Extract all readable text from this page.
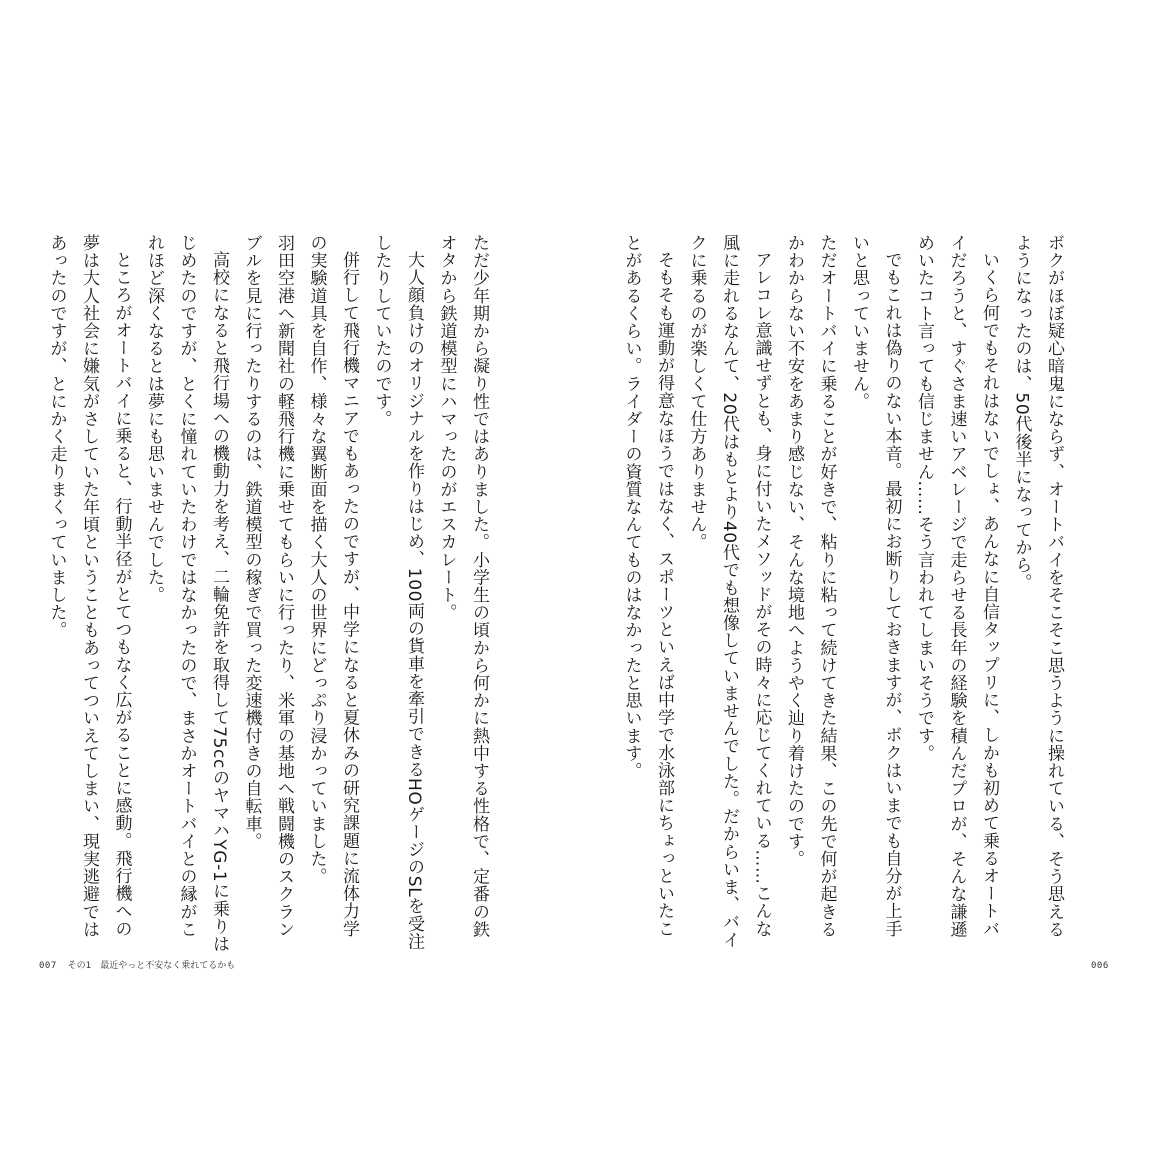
ただ少年期から凝り性ではありました。小学生の頃から何かに熱中する性格で、定番の鉄オタから鉄道模型にハマったのがエスカレート。

大人顔負けのオリジナルを作りはじめ、100両の貨車を牽引できるHOゲージのSLを受注したりしていたのです。

併行して飛行機マニアでもあったのですが、中学になると夏休みの研究課題に流体力学の実験道具を自作、様々な翼断面を描く大人の世界にどっぷり浸かっていました。

羽田空港へ新聞社の軽飛行機に乗せてもらいに行ったり、米軍の基地へ戦闘機のスクランブルを見に行ったりするのは、鉄道模型の稼ぎで買った変速機付きの自転車。

高校になると飛行場への機動力を考え、二輪免許を取得して75ccのヤマハYG-1に乗りはじめたのですが、とくに憧れていたわけではなかったので、まさかオートバイとの縁がこれほど深くなるとは夢にも思いませんでした。

ところがオートバイに乗ると、行動半径がとてつもなく広がることに感動。飛行機への夢は大人社会に嫌気がさしていた年頃ということもあってついえてしまい、現実逃避ではあったのですが、とにかく走りまくっていました。

007 その1 最近やっと不安なく乗れてるかも

ボクがほぼ疑心暗鬼にならず、オートバイをそこそこ思うように操れている、そう思えるようになったのは、50代後半になってから。

いくら何でもそれはないでしょ、あんなに自信タップリに、しかも初めて乗るオートバイだろうと、すぐさま速いアベレージで走らせる長年の経験を積んだプロが、そんな謙遜めいたコト言っても信じません……そう言われてしまいそうです。

でもこれは偽りのない本音。最初にお断りしておきますが、ボクはいまでも自分が上手いと思っていません。

ただオートバイに乗ることが好きで、粘りに粘って続けてきた結果、この先で何が起きるかわからない不安をあまり感じない、そんな境地へようやく辿り着けたのです。

アレコレ意識せずとも、身に付いたメソッドがその時々に応じてくれている……こんな風に走れるなんて、20代はもとより40代でも想像していませんでした。だからいま、バイクに乗るのが楽しくて仕方ありません。

そもそも運動が得意なほうではなく、スポーツといえば中学で水泳部にちょっといたことがあるくらい。ライダーの資質なんてものはなかったと思います。

006
